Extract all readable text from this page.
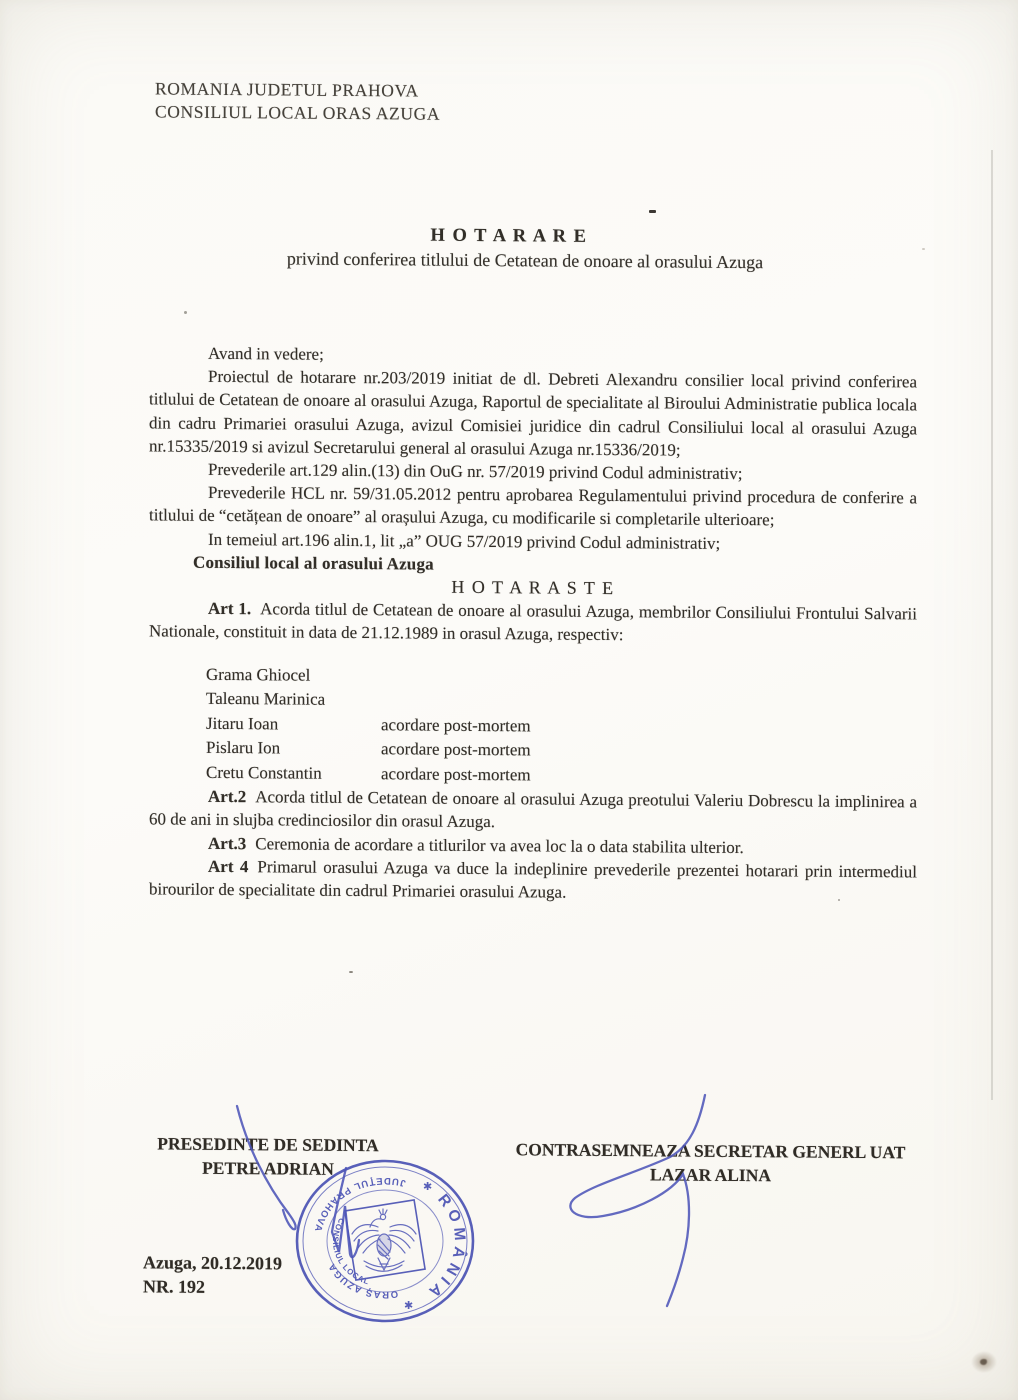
ROMANIA JUDETUL PRAHOVA
CONSILIUL LOCAL ORAS AZUGA
H O T A R A R E
privind conferirea titlului de Cetatean de onoare al orasului Azuga

Avand in vedere;

Proiectul de hotarare nr.203/2019 initiat de dl. Debreti Alexandru consilier local privind conferirea titlului de Cetatean de onoare al orasului Azuga, Raportul de specialitate al Biroului Administratie publica locala din cadru Primariei orasului Azuga, avizul Comisiei juridice din cadrul Consiliului local al orasului Azuga nr.15335/2019 si avizul Secretarului general al orasului Azuga nr.15336/2019;

Prevederile art.129 alin.(13) din OuG nr. 57/2019 privind Codul administrativ;

Prevederile HCL nr. 59/31.05.2012 pentru aprobarea Regulamentului privind procedura de conferire a titlului de “cetățean de onoare” al orașului Azuga, cu modificarile si completarile ulterioare;

In temeiul art.196 alin.1, lit „a” OUG 57/2019 privind Codul administrativ;

Consiliul local al orasului Azuga

H O T A R A S T E

Art 1. Acorda titlul de Cetatean de onoare al orasului Azuga, membrilor Consiliului Frontului Salvarii Nationale, constituit in data de 21.12.1989 in orasul Azuga, respectiv:

Grama Ghiocel
Taleanu Marinica
Jitaru Ioan	acordare post-mortem
Pislaru Ion	acordare post-mortem
Cretu Constantin	acordare post-mortem

Art.2 Acorda titlul de Cetatean de onoare al orasului Azuga preotului Valeriu Dobrescu la implinirea a 60 de ani in slujba credinciosilor din orasul Azuga.

Art.3 Ceremonia de acordare a titlurilor va avea loc la o data stabilita ulterior.

Art 4 Primarul orasului Azuga va duce la indeplinire prevederile prezentei hotarari prin intermediul birourilor de specialitate din cadrul Primariei orasului Azuga.

PRESEDINTE DE SEDINTA
PETRE ADRIAN
CONTRASEMNEAZA SECRETAR GENERL UAT
LAZAR ALINA
Azuga, 20.12.2019
NR. 192
ROMÂNIA
JUDEŢUL PRAHOVA
CONSILIUL LOCAL
ORAŞ AZUGA
✱
✱
